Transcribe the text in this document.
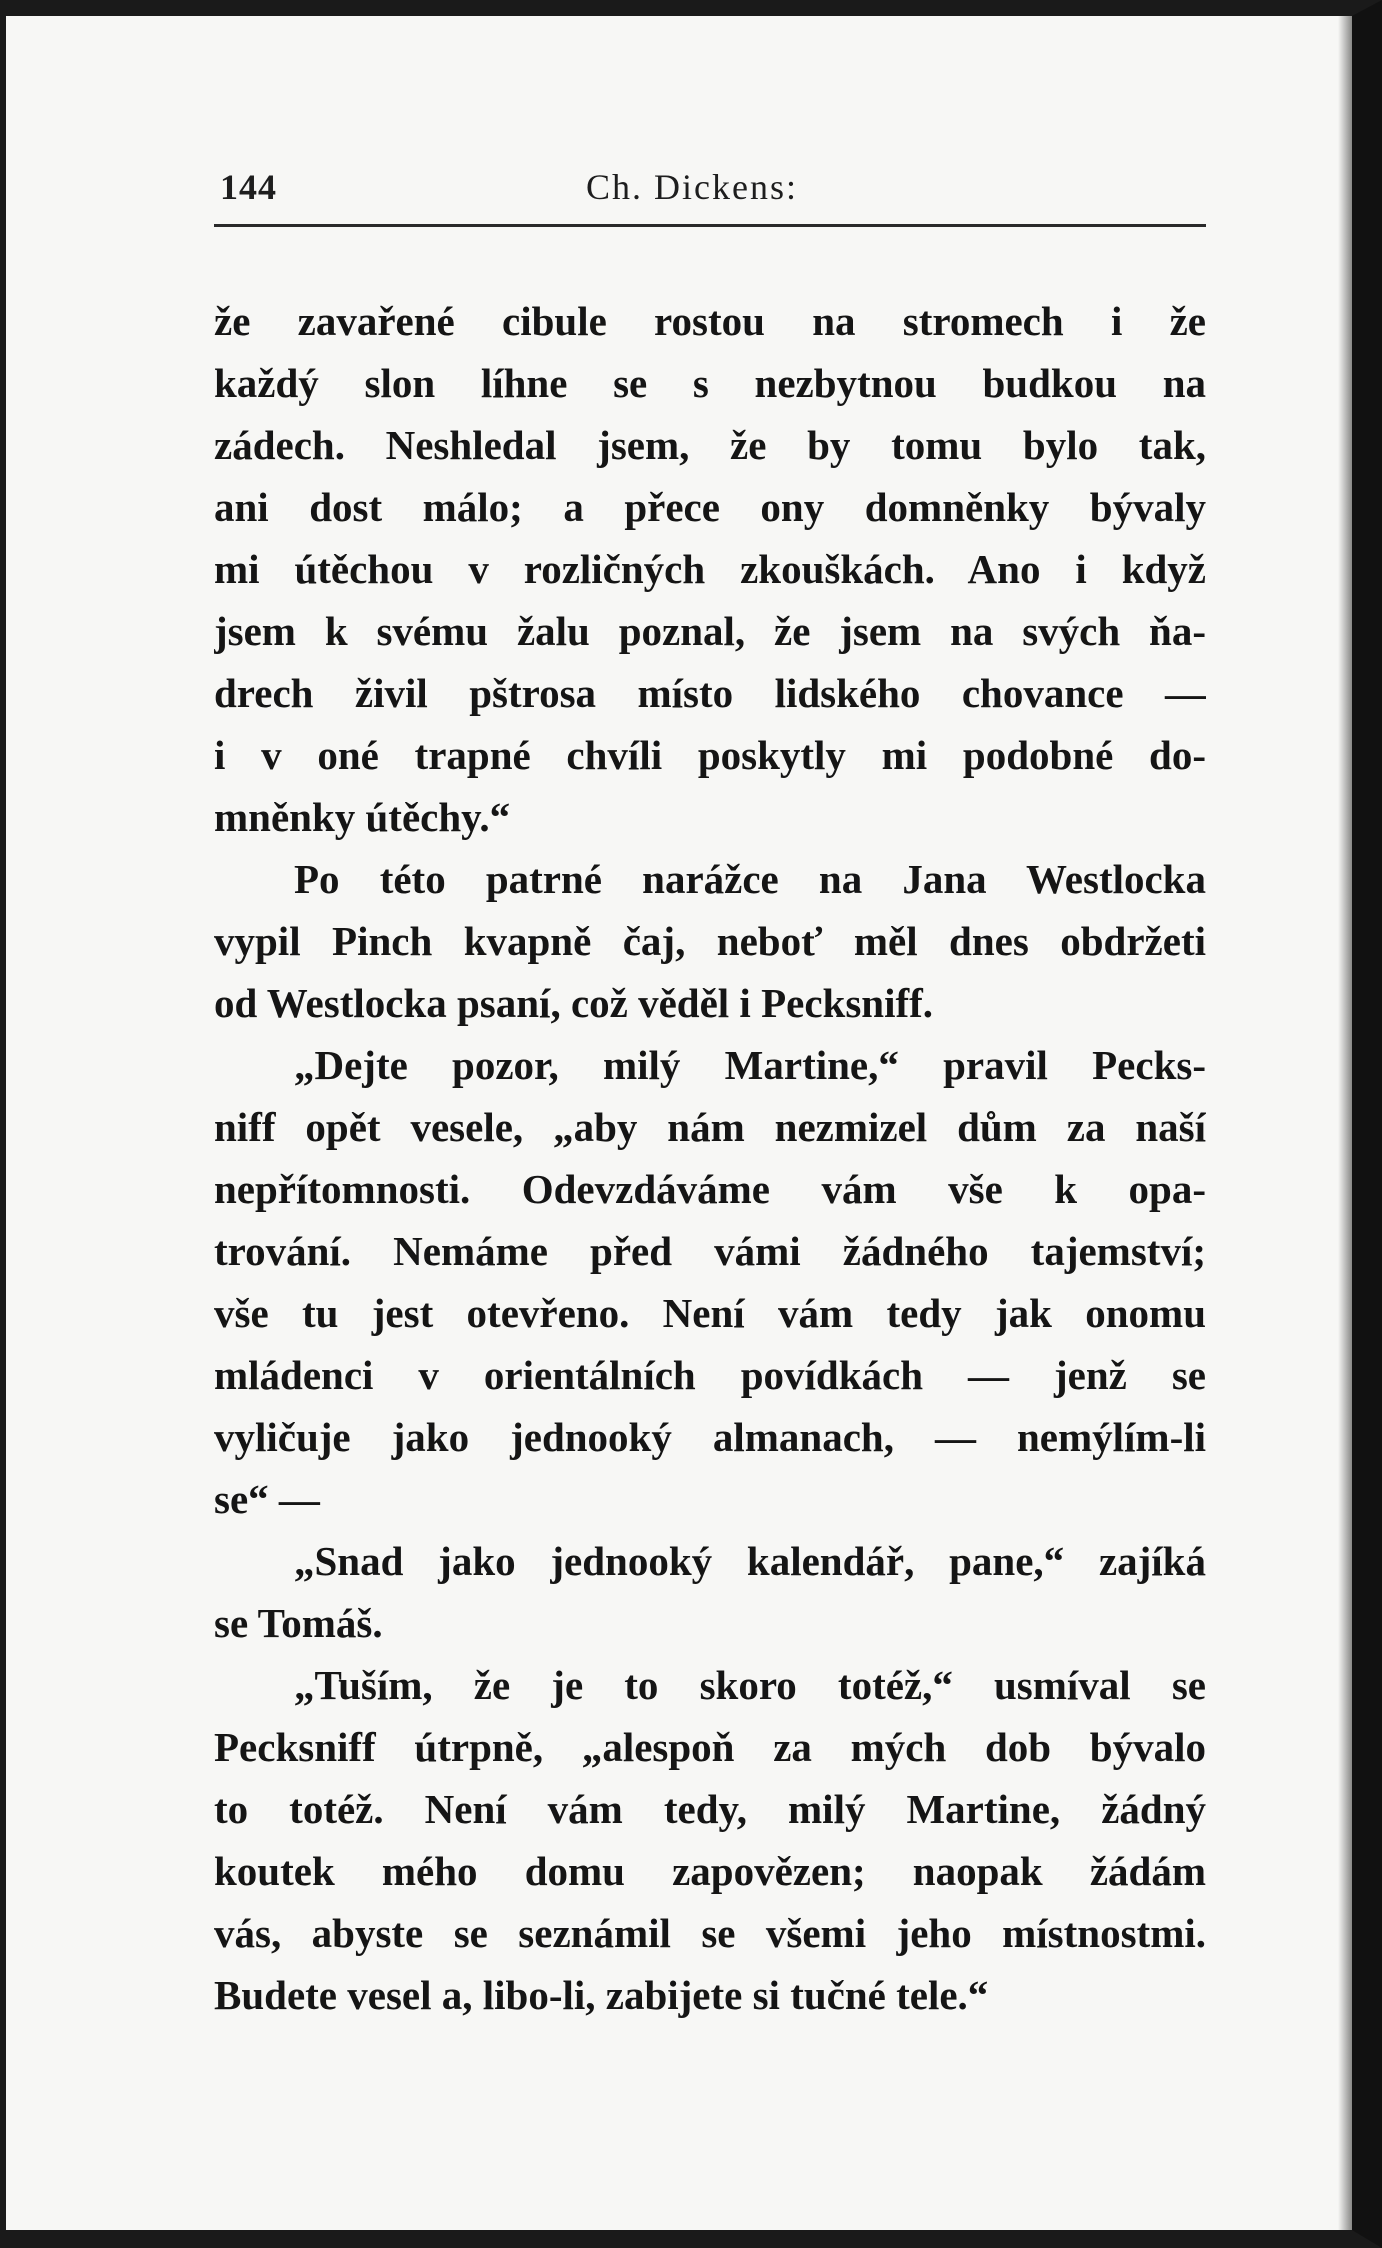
144	Ch. Dickens:
že zavařené cibule rostou na stromech i že
každý slon líhne se s nezbytnou budkou na
zádech. Neshledal jsem, že by tomu bylo tak,
ani dost málo; a přece ony domněnky bývaly
mi útěchou v rozličných zkouškách. Ano i když
jsem k svému žalu poznal, že jsem na svých ňa-
drech živil pštrosa místo lidského chovance —
i v oné trapné chvíli poskytly mi podobné do-
mněnky útěchy.“
Po této patrné narážce na Jana Westlocka
vypil Pinch kvapně čaj, neboť měl dnes obdržeti
od Westlocka psaní, což věděl i Pecksniff.
„Dejte pozor, milý Martine,“ pravil Pecks-
niff opět vesele, „aby nám nezmizel dům za naší
nepřítomnosti. Odevzdáváme vám vše k opa-
trování. Nemáme před vámi žádného tajemství;
vše tu jest otevřeno. Není vám tedy jak onomu
mládenci v orientálních povídkách — jenž se
vyličuje jako jednooký almanach, — nemýlím-li
se“ —
„Snad jako jednooký kalendář, pane,“ zajíká
se Tomáš.
„Tuším, že je to skoro totéž,“ usmíval se
Pecksniff útrpně, „alespoň za mých dob bývalo
to totéž. Není vám tedy, milý Martine, žádný
koutek mého domu zapovězen; naopak žádám
vás, abyste se seznámil se všemi jeho místnostmi.
Budete vesel a, libo-li, zabijete si tučné tele.“
